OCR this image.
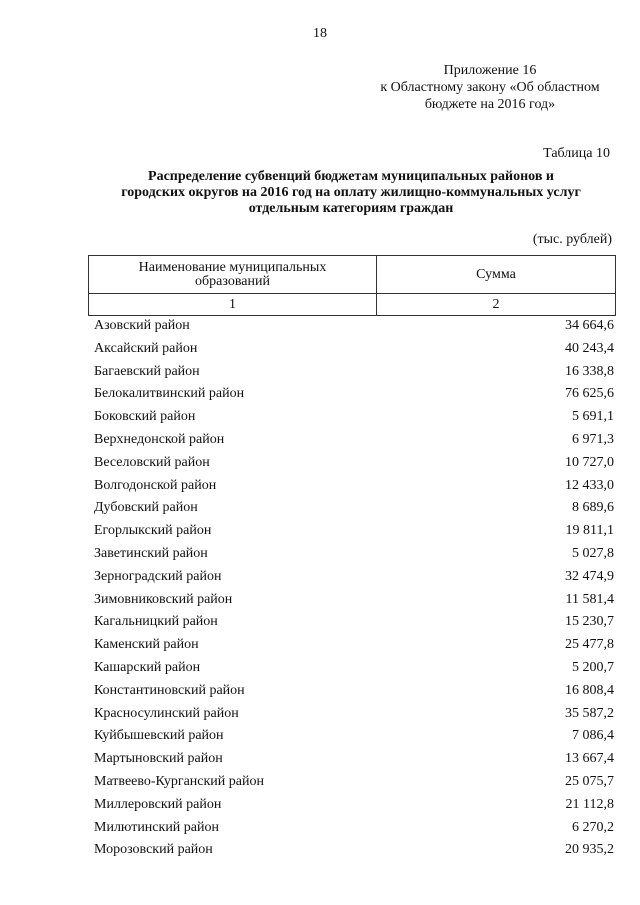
18
Приложение 16
к Областному закону «Об областном
бюджете на 2016 год»
Таблица 10
Распределение субвенций бюджетам муниципальных районов и
городских округов на 2016 год на оплату жилищно-коммунальных услуг
отдельным категориям граждан
(тыс. рублей)
Наименование муниципальных
образований	Сумма
1	2
Азовский район	34 664,6
Аксайский район	40 243,4
Багаевский район	16 338,8
Белокалитвинский район	76 625,6
Боковский район	5 691,1
Верхнедонской район	6 971,3
Веселовский район	10 727,0
Волгодонской район	12 433,0
Дубовский район	8 689,6
Егорлыкский район	19 811,1
Заветинский район	5 027,8
Зерноградский район	32 474,9
Зимовниковский район	11 581,4
Кагальницкий район	15 230,7
Каменский район	25 477,8
Кашарский район	5 200,7
Константиновский район	16 808,4
Красносулинский район	35 587,2
Куйбышевский район	7 086,4
Мартыновский район	13 667,4
Матвеево-Курганский район	25 075,7
Миллеровский район	21 112,8
Милютинский район	6 270,2
Морозовский район	20 935,2
